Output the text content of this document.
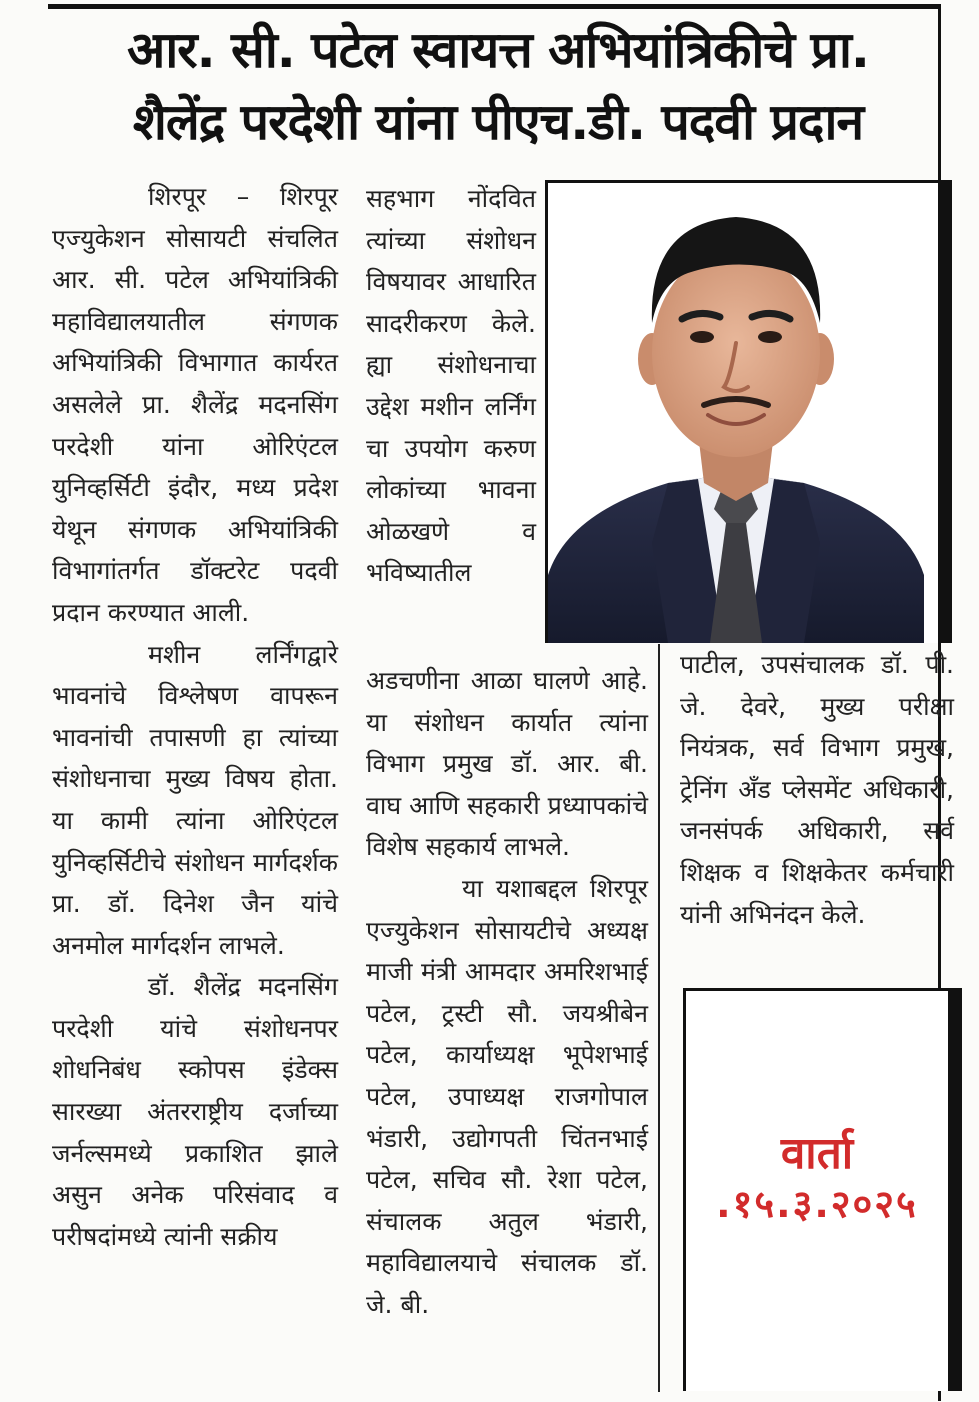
आर. सी. पटेल स्वायत्त अभियांत्रिकीचे प्रा.
शैलेंद्र परदेशी यांना पीएच.डी. पदवी प्रदान

शिरपूर – शिरपूर एज्युकेशन सोसायटी संचलित आर. सी. पटेल अभियांत्रिकी महाविद्यालयातील संगणक अभियांत्रिकी विभागात कार्यरत असलेले प्रा. शैलेंद्र मदनसिंग परदेशी यांना ओरिएंटल युनिव्हर्सिटी इंदौर, मध्य प्रदेश येथून संगणक अभियांत्रिकी विभागांतर्गत डॉक्टरेट पदवी प्रदान करण्यात आली.

मशीन लर्निंगद्वारे भावनांचे विश्लेषण वापरून भावनांची तपासणी हा त्यांच्या संशोधनाचा मुख्य विषय होता. या कामी त्यांना ओरिएंटल युनिव्हर्सिटीचे संशोधन मार्गदर्शक प्रा. डॉ. दिनेश जैन यांचे अनमोल मार्गदर्शन लाभले.

डॉ. शैलेंद्र मदनसिंग परदेशी यांचे संशोधनपर शोधनिबंध स्कोपस इंडेक्स सारख्या अंतरराष्ट्रीय दर्जाच्या जर्नल्समध्ये प्रकाशित झाले असुन अनेक परिसंवाद व परीषदांमध्ये त्यांनी सक्रीय

सहभाग नोंदवित त्यांच्या संशोधन विषयावर आधारित सादरीकरण केले. ह्या संशोधनाचा उद्देश मशीन लर्निंग चा उपयोग करुण लोकांच्या भावना ओळखणे व भविष्यातील

अडचणीना आळा घालणे आहे. या संशोधन कार्यात त्यांना विभाग प्रमुख डॉ. आर. बी. वाघ आणि सहकारी प्रध्यापकांचे विशेष सहकार्य लाभले.

या यशाबद्दल शिरपूर एज्युकेशन सोसायटीचे अध्यक्ष माजी मंत्री आमदार अमरिशभाई पटेल, ट्रस्टी सौ. जयश्रीबेन पटेल, कार्याध्यक्ष भूपेशभाई पटेल, उपाध्यक्ष राजगोपाल भंडारी, उद्योगपती चिंतनभाई पटेल, सचिव सौ. रेशा पटेल, संचालक अतुल भंडारी, महाविद्यालयाचे संचालक डॉ. जे. बी.

पाटील, उपसंचालक डॉ. पी. जे. देवरे, मुख्य परीक्षा नियंत्रक, सर्व विभाग प्रमुख, ट्रेनिंग अँड प्लेसमेंट अधिकारी, जनसंपर्क अधिकारी, सर्व शिक्षक व शिक्षकेतर कर्मचारी यांनी अभिनंदन केले.

वार्ता
.१५.३.२०२५
